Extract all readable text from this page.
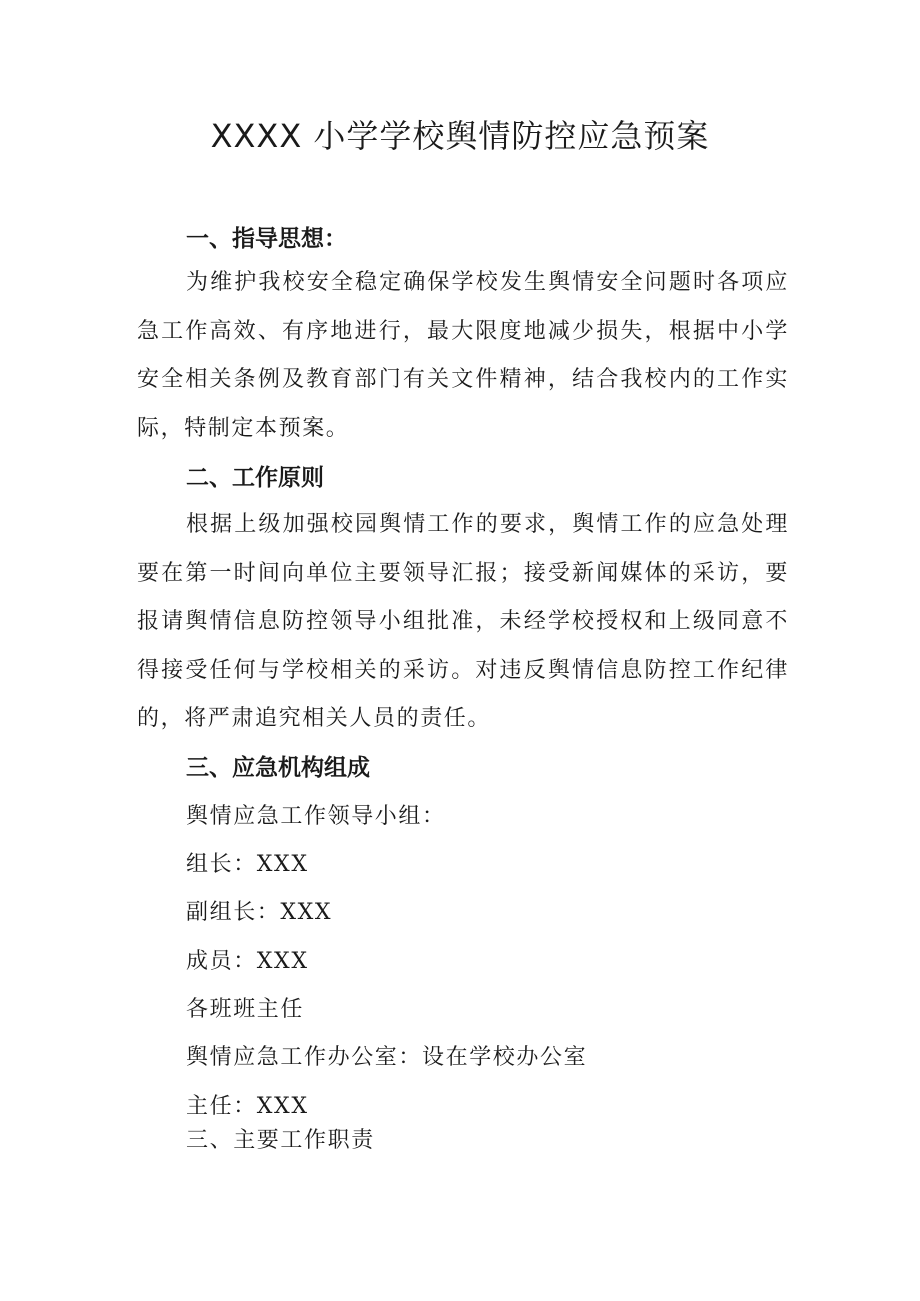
XXXX 小学学校舆情防控应急预案
一、指导思想：

为维护我校安全稳定确保学校发生舆情安全问题时各项应急工作高效、有序地进行，最大限度地减少损失，根据中小学安全相关条例及教育部门有关文件精神，结合我校内的工作实际，特制定本预案。

二、工作原则

根据上级加强校园舆情工作的要求，舆情工作的应急处理要在第一时间向单位主要领导汇报；接受新闻媒体的采访，要报请舆情信息防控领导小组批准，未经学校授权和上级同意不得接受任何与学校相关的采访。对违反舆情信息防控工作纪律的，将严肃追究相关人员的责任。

三、应急机构组成

舆情应急工作领导小组：

组长：XXX

副组长：XXX

成员：XXX

各班班主任

舆情应急工作办公室：设在学校办公室

主任：XXX

三、主要工作职责
